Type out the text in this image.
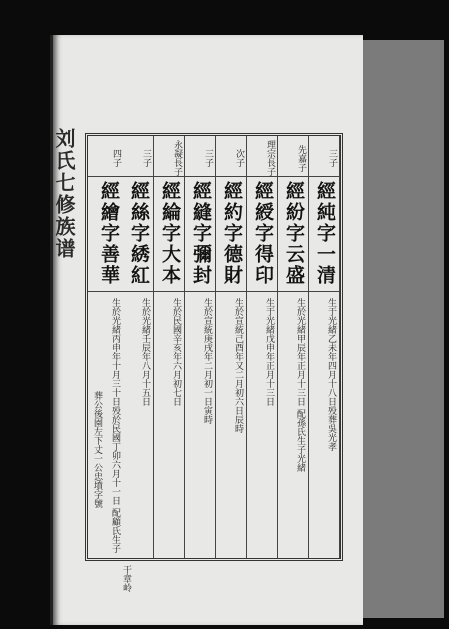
刘氏七修族谱	三子
經純字一清
生于光緒乙未年四月十八日殁葬吳光孝
先嘉子
經紛字云盛
生於光緒甲辰年正月十三日 配孫氏生子光緒
理宗長子
經綬字得印
生于光緒戊申年正月十三日
次子
經約字德財
生於宣統己酉年又二月初六日辰時
三子
經縫字彌封
生於宣統庚戌年二月初一日寅時
永凝長子
經綸字大本
生於民國辛亥年六月初七日
三子
經絲字綉紅
生於光緒壬辰年八月十五日
四子
經繪字善華
生於光緒丙申年十月三十日殁於民國丁卯六月十一日 配顧氏生子
葬公後園左下丈一公忠墳字號
干章岭
